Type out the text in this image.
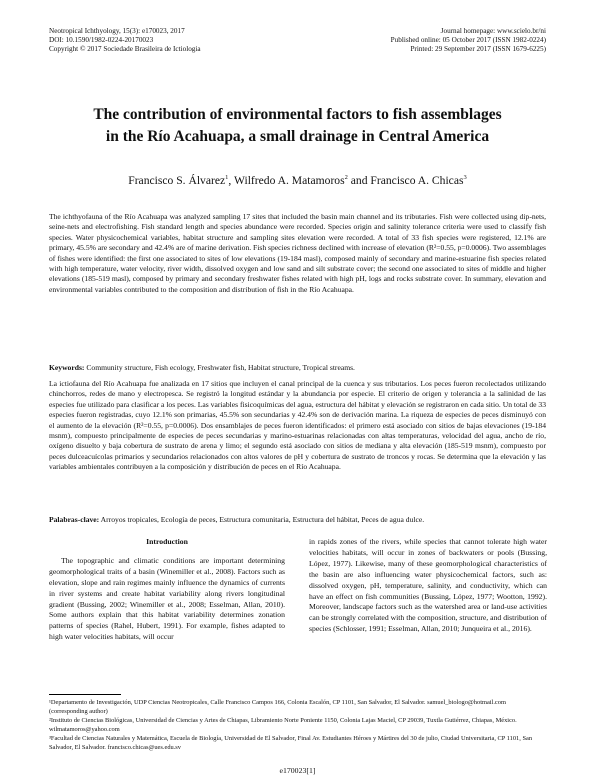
Neotropical Ichthyology, 15(3): e170023, 2017
DOI: 10.1590/1982-0224-20170023
Copyright © 2017 Sociedade Brasileira de Ictiologia
Journal homepage: www.scielo.br/ni
Published online: 05 October 2017 (ISSN 1982-0224)
Printed: 29 September 2017 (ISSN 1679-6225)
The contribution of environmental factors to fish assemblages
in the Río Acahuapa, a small drainage in Central America
Francisco S. Álvarez$^1$, Wilfredo A. Matamoros$^2$ and Francisco A. Chicas$^3$

The ichthyofauna of the Río Acahuapa was analyzed sampling 17 sites that included the basin main channel and its tributaries. Fish were collected using dip-nets, seine-nets and electrofishing. Fish standard length and species abundance were recorded. Species origin and salinity tolerance criteria were used to classify fish species. Water physicochemical variables, habitat structure and sampling sites elevation were recorded. A total of 33 fish species were registered, 12.1% are primary, 45.5% are secondary and 42.4% are of marine derivation. Fish species richness declined with increase of elevation (R²=0.55, p=0.0006). Two assemblages of fishes were identified: the first one associated to sites of low elevations (19-184 masl), composed mainly of secondary and marine-estuarine fish species related with high temperature, water velocity, river width, dissolved oxygen and low sand and silt substrate cover; the second one associated to sites of middle and higher elevations (185-519 masl), composed by primary and secondary freshwater fishes related with high pH, logs and rocks substrate cover. In summary, elevation and environmental variables contributed to the composition and distribution of fish in the Río Acahuapa.

Keywords: Community structure, Fish ecology, Freshwater fish, Habitat structure, Tropical streams.

La ictiofauna del Río Acahuapa fue analizada en 17 sitios que incluyen el canal principal de la cuenca y sus tributarios. Los peces fueron recolectados utilizando chinchorros, redes de mano y electropesca. Se registró la longitud estándar y la abundancia por especie. El criterio de origen y tolerancia a la salinidad de las especies fue utilizado para clasificar a los peces. Las variables fisicoquímicas del agua, estructura del hábitat y elevación se registraron en cada sitio. Un total de 33 especies fueron registradas, cuyo 12.1% son primarias, 45.5% son secundarias y 42.4% son de derivación marina. La riqueza de especies de peces disminuyó con el aumento de la elevación (R²=0.55, p=0.0006). Dos ensamblajes de peces fueron identificados: el primero está asociado con sitios de bajas elevaciones (19-184 msnm), compuesto principalmente de especies de peces secundarias y marino-estuarinas relacionadas con altas temperaturas, velocidad del agua, ancho de río, oxígeno disuelto y baja cobertura de sustrato de arena y limo; el segundo está asociado con sitios de mediana y alta elevación (185-519 msnm), compuesto por peces dulceacuícolas primarios y secundarios relacionados con altos valores de pH y cobertura de sustrato de troncos y rocas. Se determina que la elevación y las variables ambientales contribuyen a la composición y distribución de peces en el Río Acahuapa.

Palabras-clave: Arroyos tropicales, Ecología de peces, Estructura comunitaria, Estructura del hábitat, Peces de agua dulce.

Introduction

The topographic and climatic conditions are important determining geomorphological traits of a basin (Winemiller et al., 2008). Factors such as elevation, slope and rain regimes mainly influence the dynamics of currents in river systems and create habitat variability along rivers longitudinal gradient (Bussing, 2002; Winemiller et al., 2008; Esselman, Allan, 2010). Some authors explain that this habitat variability determines zonation patterns of species (Rahel, Hubert, 1991). For example, fishes adapted to high water velocities habitats, will occur

in rapids zones of the rivers, while species that cannot tolerate high water velocities habitats, will occur in zones of backwaters or pools (Bussing, López, 1977). Likewise, many of these geomorphological characteristics of the basin are also influencing water physicochemical factors, such as: dissolved oxygen, pH, temperature, salinity, and conductivity, which can have an effect on fish communities (Bussing, López, 1977; Wootton, 1992). Moreover, landscape factors such as the watershed area or land-use activities can be strongly correlated with the composition, structure, and distribution of species (Schlosser, 1991; Esselman, Allan, 2010; Junqueira et al., 2016).

¹Departamento de Investigación, UDP Ciencias Neotropicales, Calle Francisco Campos 166, Colonia Escalón, CP 1101, San Salvador, El Salvador. samuel_biologo@hotmail.com (corresponding author)

²Instituto de Ciencias Biológicas, Universidad de Ciencias y Artes de Chiapas, Libramiento Norte Poniente 1150, Colonia Lajas Maciel, CP 29039, Tuxtla Gutiérrez, Chiapas, México. wilmatamoros@yahoo.com

³Facultad de Ciencias Naturales y Matemática, Escuela de Biología, Universidad de El Salvador, Final Av. Estudiantes Héroes y Mártires del 30 de julio, Ciudad Universitaria, CP 1101, San Salvador, El Salvador. francisco.chicas@ues.edu.sv

e170023[1]
